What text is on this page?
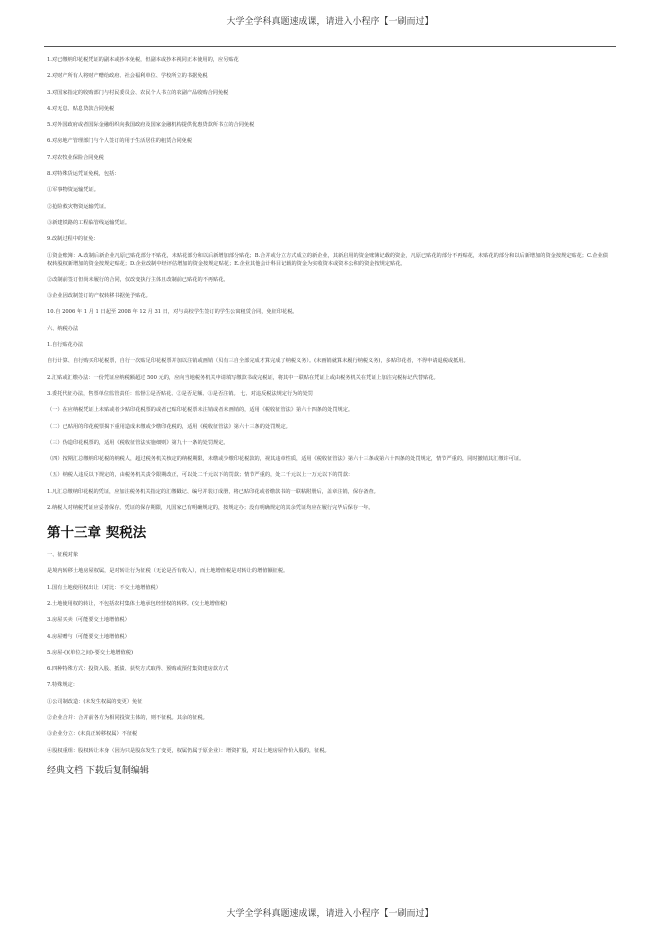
大学全学科真题速成课，请进入小程序【一刷而过】
1.对已缴纳印花税凭证的副本或抄本免税，但副本或抄本视同正本使用的，应另贴花
2.对财产所有人将财产赠给政府、社会福利单位、学校所立的书据免税
3.对国家指定的收购部门与村民委员会、农民个人书立的农副产品收购合同免税
4.对无息、贴息贷款合同免税
5.对外国政府或者国际金融组织向我国政府及国家金融机构提供优惠贷款所书立的合同免税
6.对房地产管理部门与个人签订的用于生活居住的租赁合同免税
7.对农牧业保险合同免税
8.对特殊货运凭证免税，包括：
①军事物资运输凭证。
②抢险救灾物资运输凭证。
③新建铁路的工程临管线运输凭证。
9.改制过程中的征免：
①资金账簿：A.改制后新企业凡原已贴花部分不贴花，未贴花部分和以后新增加部分贴花；B.合并或分立方式成立的新企业，其新启用的资金账簿记载的资金，凡原已贴花的部分不再贴花，未贴花的部分和以后新增加的资金按规定贴花；C.企业债权转股权新增加的资金按规定贴花；D.企业改制中经评估增加的资金按规定贴花；E.企业其他会计科目记载的资金为实收资本或资本公积的资金按规定贴花。
②改制前签订但尚未履行的合同，仅改变执行主体且改制前已贴花的不再贴花。
③企业因改制签订的产权转移书据免予贴花。
10.自 2006 年 1 月 1 日起至 2008 年 12 月 31 日，对与高校学生签订的学生公寓租赁合同，免征印花税。
六、纳税办法
1.自行贴花办法
自行计算、自行购买印花税票，自行一次贴足印花税票并加以注销或画销（贝有三自全部完成才算完成了纳税义务）。(未画销就算未履行纳税义务)，多贴印花者，不得申请退税或抵用。
2.汇贴或汇缴办法：一份凭证应纳税额超过 500 元的，应向当地税务机关申请填写缴款书或完税证，将其中一联贴在凭证上或由税务机关在凭证上加注完税标记代替贴花。
3.委托代征办法，售票单位监管责任：监督①是否贴花、②是否足额、③是否注销。 七、对违反税法规定行为的处罚
（一）在应纳税凭证上未贴或者少贴印花税票的或者已贴印花税票未注销或者未画销的，适用《税收征管法》第六十四条的处罚规定。
（二）已贴用的印花税票揭下重用造成未缴或少缴印花税的，适用《税收征管法》第六十三条的处罚规定。
（三）伪造印花税票的，适用《税收征管法实施细则》第九十一条的处罚规定。
（四）按期汇总缴纳印花税的纳税人，超过税务机关核定的纳税期限，未缴或少缴印花税款的，视其违章性质，适用《税收征管法》第六十三条或第六十四条的处罚规定，情节严重的，同时撤销其汇缴许可证。
（五）纳税人违反以下规定的，由税务机关责令限期改正，可以处二千元以下的罚款；情节严重的，处二千元以上一万元以下的罚款：
1.凡汇总缴纳印花税的凭证，应加注税务机关指定的汇缴戳记、编号并装订成册，将已贴印花或者缴款书的一联粘附册后，盖章注销，保存备查。
2.纳税人对纳税凭证应妥善保存。凭证的保存期限，凡国家已有明确规定的，按规定办；没有明确规定的其余凭证均应在履行完毕后保存一年。
第十三章 契税法
一、征税对象
是境内转移土地房屋权属，是对转让行为征税（无论是否有收入），而土地增值税是对转让的增值额征税。
1.国有土地使用权出让（对比：不交土地增值税）
2.土地使用权的转让，不包括农村集体土地承包经营权的转移。(交土地增值税)
3.房屋买卖（可能要交土地增值税）
4.房屋赠与（可能要交土地增值税）
5.房屋-()(单位之间)-要交土地增值税)
6.四种特殊方式：投资入股、抵债、获奖方式取得、预购或预付集资建房款方式
7.特殊规定：
①公司制改造：(未发生权属的变更）免征
②企业合并：合并前各方为相同投资主体的，则不征税。其余的征税。
③企业分立：(未真正转移权属）不征税
④股权重组：股权转让本身（因为只是股东发生了变更，权属仍属于原企业）：增资扩股，对以土地房屋作价入股的，征税。
经典文档 下载后复制编辑
大学全学科真题速成课，请进入小程序【一刷而过】
